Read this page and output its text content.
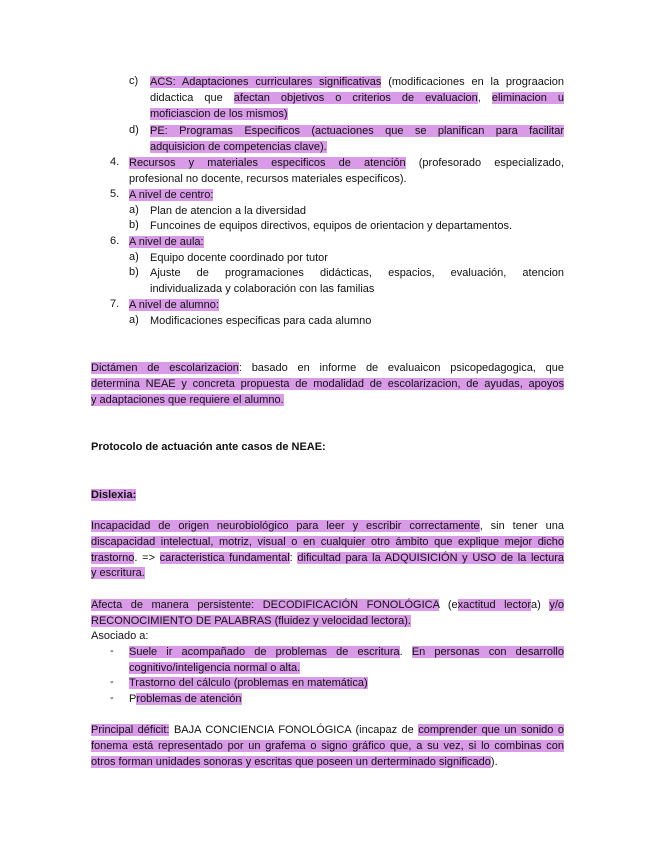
c) ACS: Adaptaciones curriculares significativas (modificaciones en la prograacion
didactica que afectan objetivos o criterios de evaluacion, eliminacion u
moficiascion de los mismos)
d) PE: Programas Especificos (actuaciones que se planifican para facilitar
adquisicion de competencias clave).
4. Recursos y materiales especificos de atención (profesorado especializado,
profesional no docente, recursos materiales especificos).
5. A nivel de centro:
a) Plan de atencion a la diversidad
b) Funcoines de equipos directivos, equipos de orientacion y departamentos.
6. A nivel de aula:
a) Equipo docente coordinado por tutor
b) Ajuste de programaciones didácticas, espacios, evaluación, atencion
individualizada y colaboración con las familias
7. A nivel de alumno:
a) Modificaciones especificas para cada alumno
Dictámen de escolarizacion: basado en informe de evaluaicon psicopedagogica, que
determina NEAE y concreta propuesta de modalidad de escolarizacion, de ayudas, apoyos
y adaptaciones que requiere el alumno.
Protocolo de actuación ante casos de NEAE:
Dislexia:
Incapacidad de origen neurobiológico para leer y escribir correctamente, sin tener una
discapacidad intelectual, motriz, visual o en cualquier otro ámbito que explique mejor dicho
trastorno. => caracteristica fundamental: dificultad para la ADQUISICIÓN y USO de la lectura
y escritura.
Afecta de manera persistente: DECODIFICACIÓN FONOLÓGICA (exactitud lectora) y/o
RECONOCIMIENTO DE PALABRAS (fluidez y velocidad lectora).
Asociado a:
- Suele ir acompañado de problemas de escritura. En personas con desarrollo
cognitivo/inteligencia normal o alta.
- Trastorno del cálculo (problemas en matemática)
- Problemas de atención
Principal déficit: BAJA CONCIENCIA FONOLÓGICA (incapaz de comprender que un sonido o
fonema está representado por un grafema o signo gráfico que, a su vez, si lo combinas con
otros forman unidades sonoras y escritas que poseen un derterminado significado).
